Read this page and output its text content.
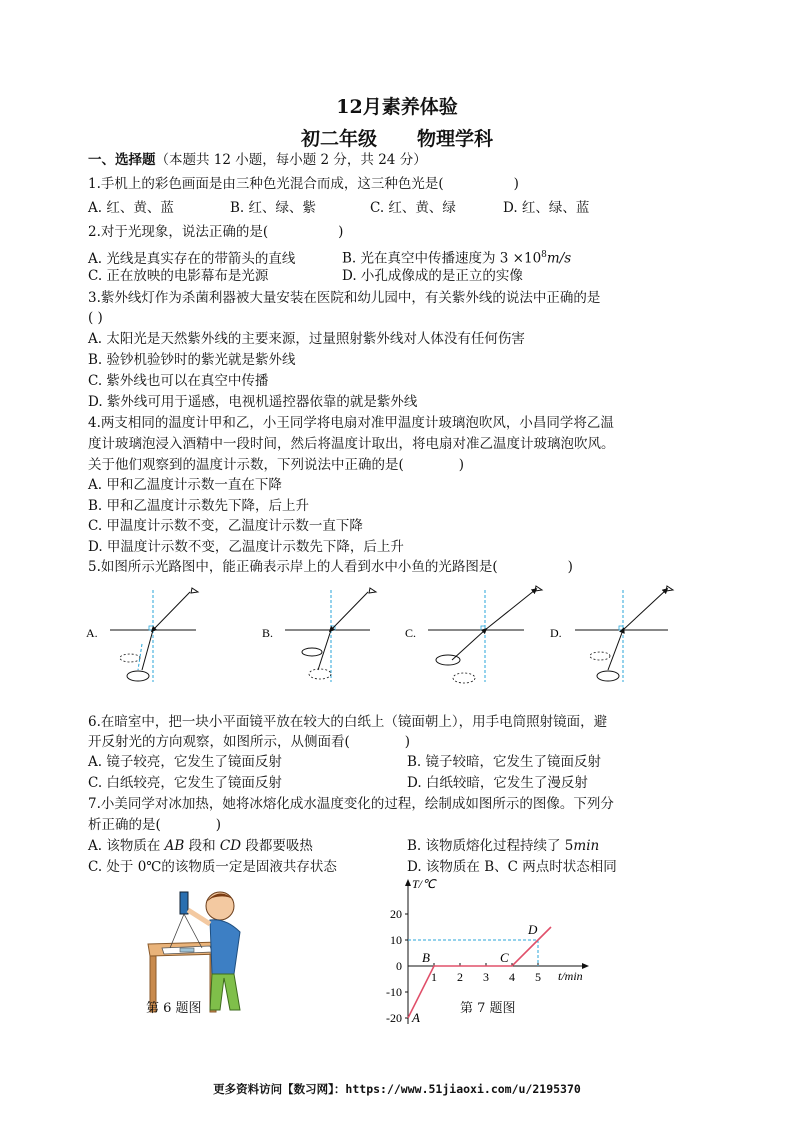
12月素养体验
初二年级 物理学科
一、选择题（本题共 12 小题，每小题 2 分，共 24 分）
1.手机上的彩色画面是由三种色光混合而成，这三种色光是(	)
A. 红、黄、蓝	B. 红、绿、紫	C. 红、黄、绿	D. 红、绿、蓝
2.对于光现象，说法正确的是(	)
A. 光线是真实存在的带箭头的直线	B. 光在真空中传播速度为 $3 \times 10^8m/s$
C. 正在放映的电影幕布是光源	D. 小孔成像成的是正立的实像
3.紫外线灯作为杀菌利器被大量安装在医院和幼儿园中，有关紫外线的说法中正确的是
( )
A. 太阳光是天然紫外线的主要来源，过量照射紫外线对人体没有任何伤害
B. 验钞机验钞时的紫光就是紫外线
C. 紫外线也可以在真空中传播
D. 紫外线可用于遥感，电视机遥控器依靠的就是紫外线
4.两支相同的温度计甲和乙，小王同学将电扇对准甲温度计玻璃泡吹风，小昌同学将乙温
度计玻璃泡浸入酒精中一段时间，然后将温度计取出，将电扇对准乙温度计玻璃泡吹风。
关于他们观察到的温度计示数，下列说法中正确的是(	)
A. 甲和乙温度计示数一直在下降
B. 甲和乙温度计示数先下降，后上升
C. 甲温度计示数不变，乙温度计示数一直下降
D. 甲温度计示数不变，乙温度计示数先下降，后上升
5.如图所示光路图中，能正确表示岸上的人看到水中小鱼的光路图是(	)
A.	B.	C.	D.
6.在暗室中，把一块小平面镜平放在较大的白纸上（镜面朝上），用手电筒照射镜面，避
开反射光的方向观察，如图所示，从侧面看(	)
A. 镜子较亮，它发生了镜面反射	B. 镜子较暗，它发生了镜面反射
C. 白纸较亮，它发生了镜面反射	D. 白纸较暗，它发生了漫反射
7.小美同学对冰加热，她将冰熔化成水温度变化的过程，绘制成如图所示的图像。下列分
析正确的是(	)
A. 该物质在 AB 段和 CD 段都要吸热	B. 该物质熔化过程持续了 5min
C. 处于 0℃的该物质一定是固液共存状态	D. 该物质在 B、C 两点时状态相同
第 6 题图
T/℃
t/min
20
10
-10
-20
0
1 2 3 4 5
A
B	C
D
第 7 题图
更多资料访问【数习网】：https://www.51jiaoxi.com/u/2195370
